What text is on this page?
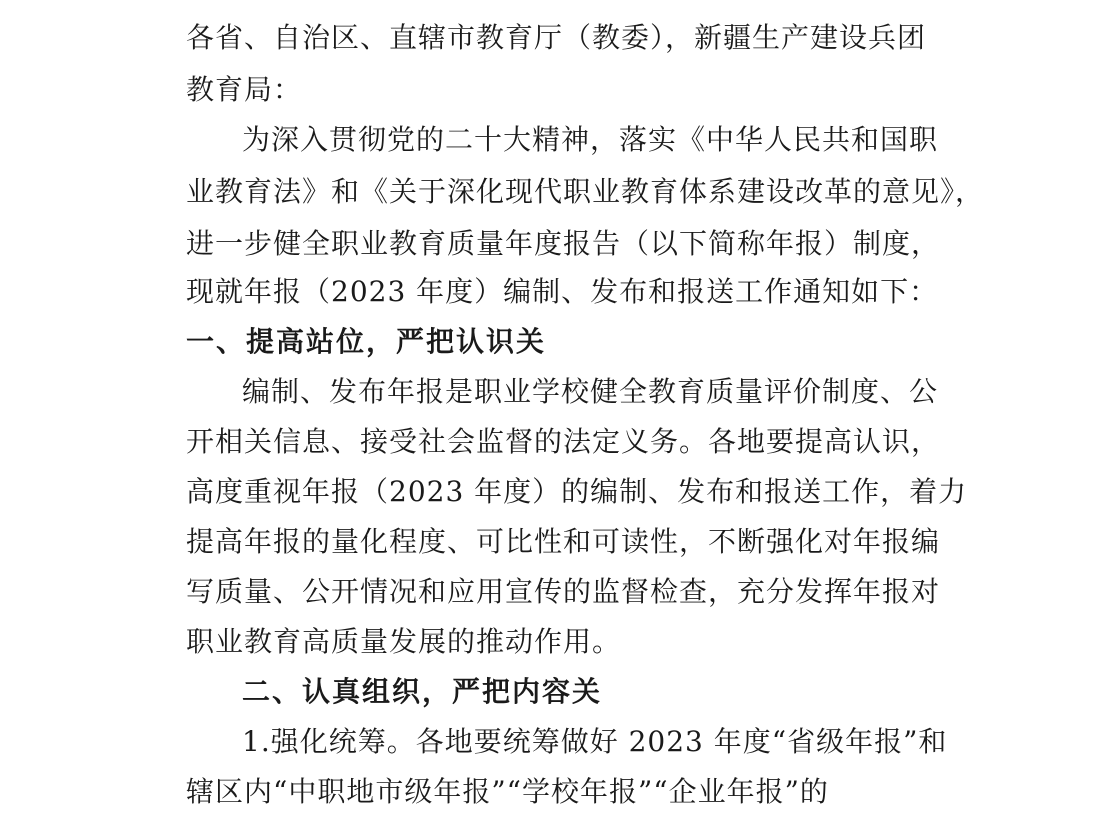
各省、自治区、直辖市教育厅（教委），新疆生产建设兵团
教育局：
为深入贯彻党的二十大精神，落实《中华人民共和国职
业教育法》和《关于深化现代职业教育体系建设改革的意见》，
进一步健全职业教育质量年度报告（以下简称年报）制度，
现就年报（2023 年度）编制、发布和报送工作通知如下：
一、提高站位，严把认识关
编制、发布年报是职业学校健全教育质量评价制度、公
开相关信息、接受社会监督的法定义务。各地要提高认识，
高度重视年报（2023 年度）的编制、发布和报送工作，着力
提高年报的量化程度、可比性和可读性，不断强化对年报编
写质量、公开情况和应用宣传的监督检查，充分发挥年报对
职业教育高质量发展的推动作用。
二、认真组织，严把内容关
1.强化统筹。各地要统筹做好 2023 年度“省级年报”和
辖区内“中职地市级年报”“学校年报”“企业年报”的
